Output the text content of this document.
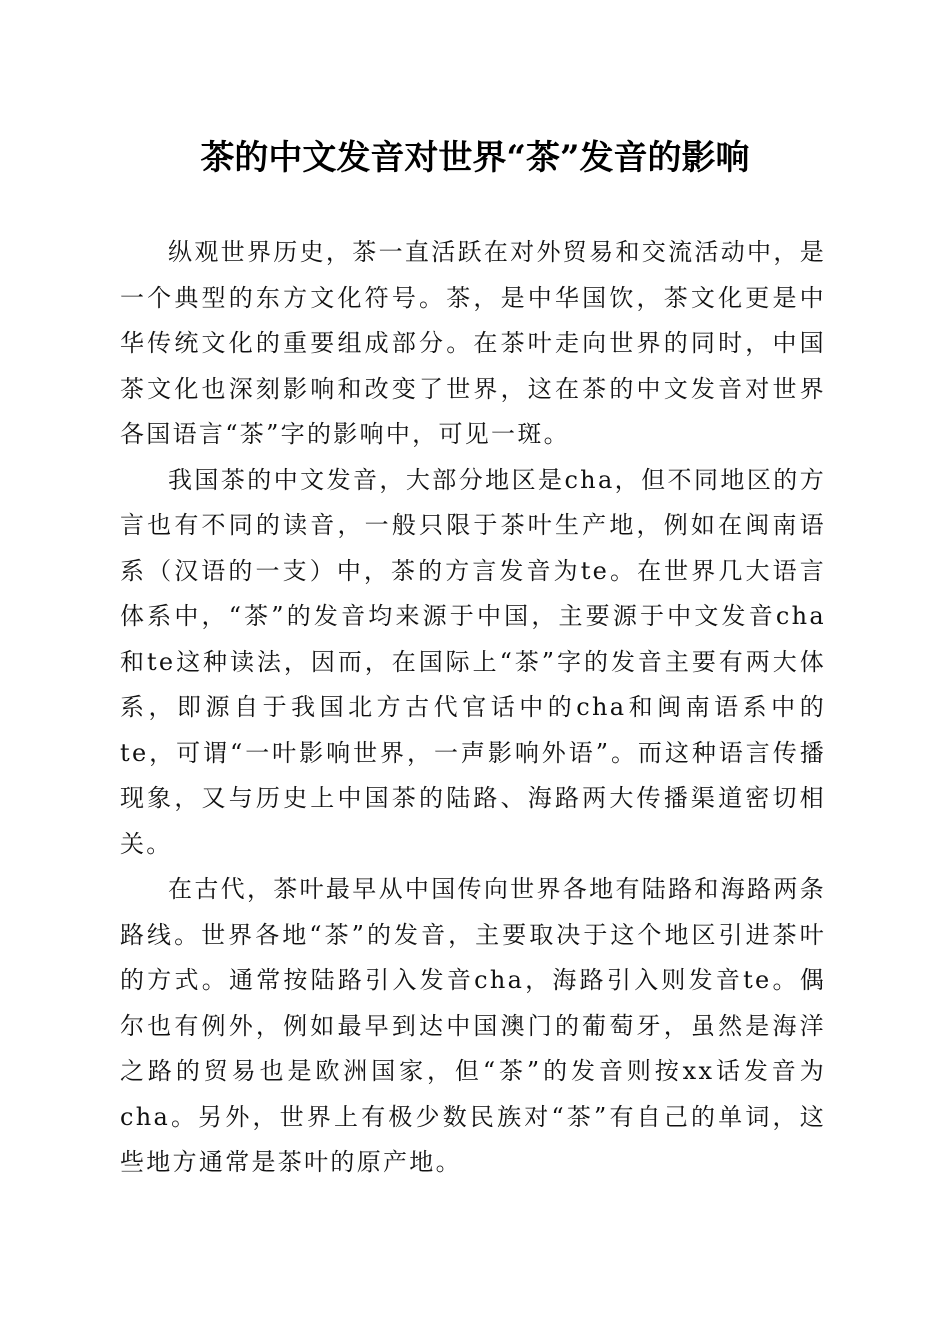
茶的中文发音对世界“茶”发音的影响

纵观世界历史，茶一直活跃在对外贸易和交流活动中，是一个典型的东方文化符号。茶，是中华国饮，茶文化更是中华传统文化的重要组成部分。在茶叶走向世界的同时，中国茶文化也深刻影响和改变了世界，这在茶的中文发音对世界各国语言“茶”字的影响中，可见一斑。

我国茶的中文发音，大部分地区是cha，但不同地区的方言也有不同的读音，一般只限于茶叶生产地，例如在闽南语系（汉语的一支）中，茶的方言发音为te。在世界几大语言体系中，“茶”的发音均来源于中国，主要源于中文发音cha和te这种读法，因而，在国际上“茶”字的发音主要有两大体系，即源自于我国北方古代官话中的cha和闽南语系中的te，可谓“一叶影响世界，一声影响外语”。而这种语言传播现象，又与历史上中国茶的陆路、海路两大传播渠道密切相关。

在古代，茶叶最早从中国传向世界各地有陆路和海路两条路线。世界各地“茶”的发音，主要取决于这个地区引进茶叶的方式。通常按陆路引入发音cha，海路引入则发音te。偶尔也有例外，例如最早到达中国澳门的葡萄牙，虽然是海洋之路的贸易也是欧洲国家，但“茶”的发音则按xx话发音为cha。另外，世界上有极少数民族对“茶”有自己的单词，这些地方通常是茶叶的原产地。
